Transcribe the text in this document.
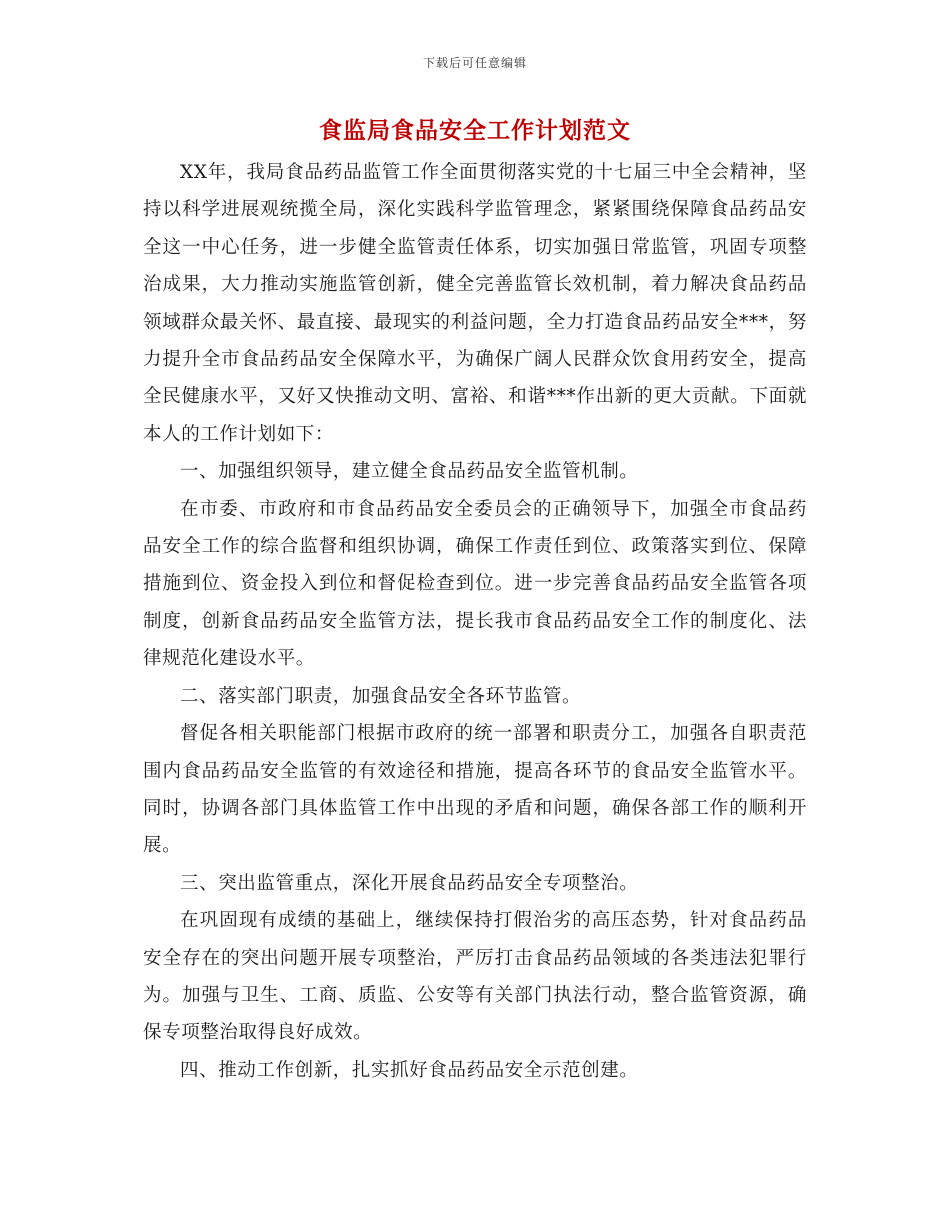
下载后可任意编辑
食监局食品安全工作计划范文

XX年，我局食品药品监管工作全面贯彻落实党的十七届三中全会精神，坚持以科学进展观统揽全局，深化实践科学监管理念，紧紧围绕保障食品药品安全这一中心任务，进一步健全监管责任体系，切实加强日常监管，巩固专项整治成果，大力推动实施监管创新，健全完善监管长效机制，着力解决食品药品领域群众最关怀、最直接、最现实的利益问题，全力打造食品药品安全***，努力提升全市食品药品安全保障水平，为确保广阔人民群众饮食用药安全，提高全民健康水平，又好又快推动文明、富裕、和谐***作出新的更大贡献。下面就本人的工作计划如下：

一、加强组织领导，建立健全食品药品安全监管机制。

在市委、市政府和市食品药品安全委员会的正确领导下，加强全市食品药品安全工作的综合监督和组织协调，确保工作责任到位、政策落实到位、保障措施到位、资金投入到位和督促检查到位。进一步完善食品药品安全监管各项制度，创新食品药品安全监管方法，提长我市食品药品安全工作的制度化、法律规范化建设水平。

二、落实部门职责，加强食品安全各环节监管。

督促各相关职能部门根据市政府的统一部署和职责分工，加强各自职责范围内食品药品安全监管的有效途径和措施，提高各环节的食品安全监管水平。同时，协调各部门具体监管工作中出现的矛盾和问题，确保各部工作的顺利开展。

三、突出监管重点，深化开展食品药品安全专项整治。

在巩固现有成绩的基础上，继续保持打假治劣的高压态势，针对食品药品安全存在的突出问题开展专项整治，严厉打击食品药品领域的各类违法犯罪行为。加强与卫生、工商、质监、公安等有关部门执法行动，整合监管资源，确保专项整治取得良好成效。

四、推动工作创新，扎实抓好食品药品安全示范创建。
